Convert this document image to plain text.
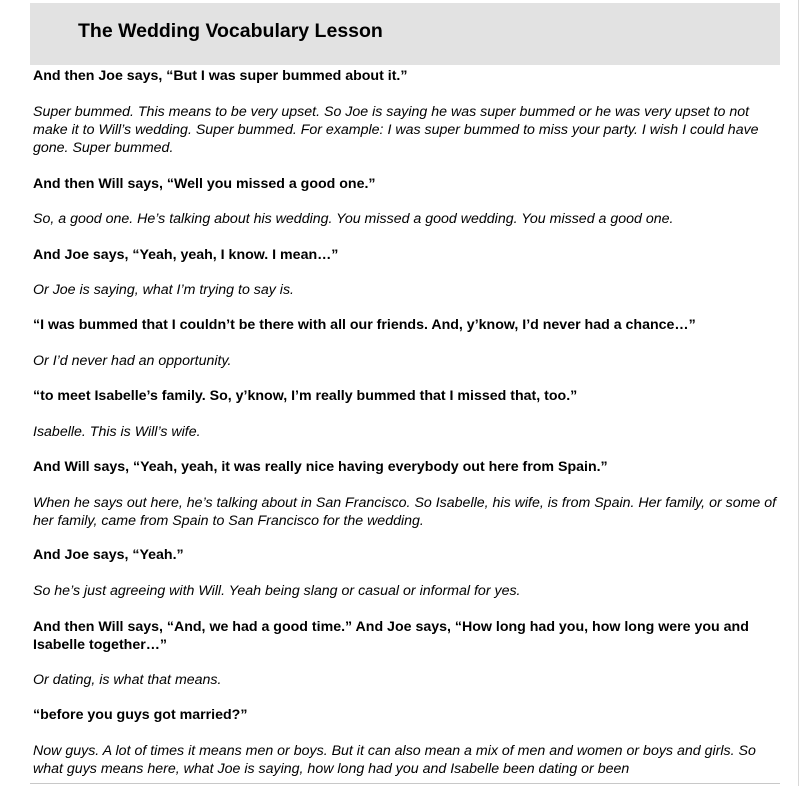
The Wedding Vocabulary Lesson

And then Joe says, “But I was super bummed about it.”

Super bummed. This means to be very upset. So Joe is saying he was super bummed or he was very upset to not make it to Will’s wedding. Super bummed. For example: I was super bummed to miss your party. I wish I could have gone. Super bummed.

And then Will says, “Well you missed a good one.”

So, a good one. He’s talking about his wedding. You missed a good wedding. You missed a good one.

And Joe says, “Yeah, yeah, I know. I mean…”

Or Joe is saying, what I’m trying to say is.

“I was bummed that I couldn’t be there with all our friends. And, y’know, I’d never had a chance…”

Or I’d never had an opportunity.

“to meet Isabelle’s family. So, y’know, I’m really bummed that I missed that, too.”

Isabelle. This is Will’s wife.

And Will says, “Yeah, yeah, it was really nice having everybody out here from Spain.”

When he says out here, he’s talking about in San Francisco. So Isabelle, his wife, is from Spain. Her family, or some of her family, came from Spain to San Francisco for the wedding.

And Joe says, “Yeah.”

So he’s just agreeing with Will. Yeah being slang or casual or informal for yes.

And then Will says, “And, we had a good time.” And Joe says, “How long had you, how long were you and Isabelle together…”

Or dating, is what that means.

“before you guys got married?”

Now guys. A lot of times it means men or boys. But it can also mean a mix of men and women or boys and girls. So what guys means here, what Joe is saying, how long had you and Isabelle been dating or been
